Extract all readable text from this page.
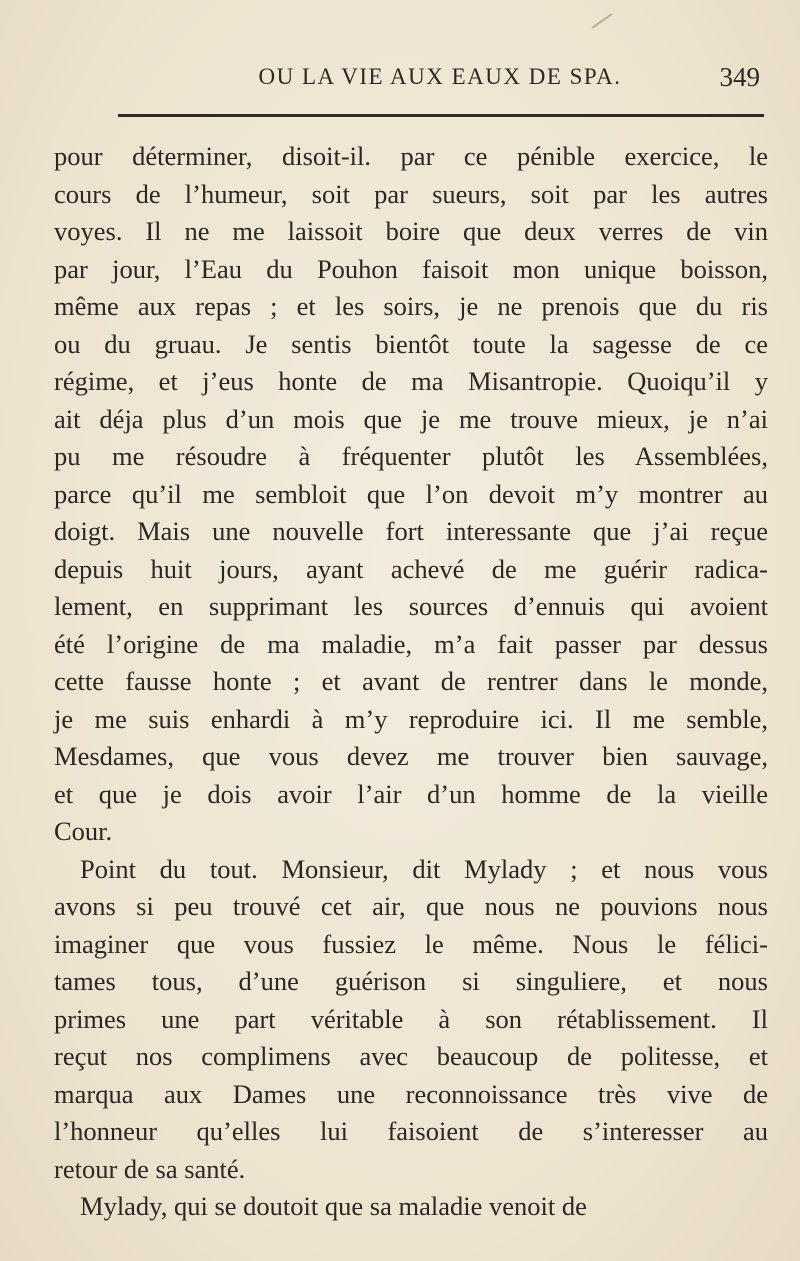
OU LA VIE AUX EAUX DE SPA.	349
pour déterminer, disoit-il. par ce pénible exercice, le
cours de l’humeur, soit par sueurs, soit par les autres
voyes. Il ne me laissoit boire que deux verres de vin
par jour, l’Eau du Pouhon faisoit mon unique boisson,
même aux repas ; et les soirs, je ne prenois que du ris
ou du gruau. Je sentis bientôt toute la sagesse de ce
régime, et j’eus honte de ma Misantropie. Quoiqu’il y
ait déja plus d’un mois que je me trouve mieux, je n’ai
pu me résoudre à fréquenter plutôt les Assemblées,
parce qu’il me sembloit que l’on devoit m’y montrer au
doigt. Mais une nouvelle fort interessante que j’ai reçue
depuis huit jours, ayant achevé de me guérir radica-
lement, en supprimant les sources d’ennuis qui avoient
été l’origine de ma maladie, m’a fait passer par dessus
cette fausse honte ; et avant de rentrer dans le monde,
je me suis enhardi à m’y reproduire ici. Il me semble,
Mesdames, que vous devez me trouver bien sauvage,
et que je dois avoir l’air d’un homme de la vieille
Cour.
Point du tout. Monsieur, dit Mylady ; et nous vous
avons si peu trouvé cet air, que nous ne pouvions nous
imaginer que vous fussiez le même. Nous le félici-
tames tous, d’une guérison si singuliere, et nous
primes une part véritable à son rétablissement. Il
reçut nos complimens avec beaucoup de politesse, et
marqua aux Dames une reconnoissance très vive de
l’honneur qu’elles lui faisoient de s’interesser au
retour de sa santé.
Mylady, qui se doutoit que sa maladie venoit de
